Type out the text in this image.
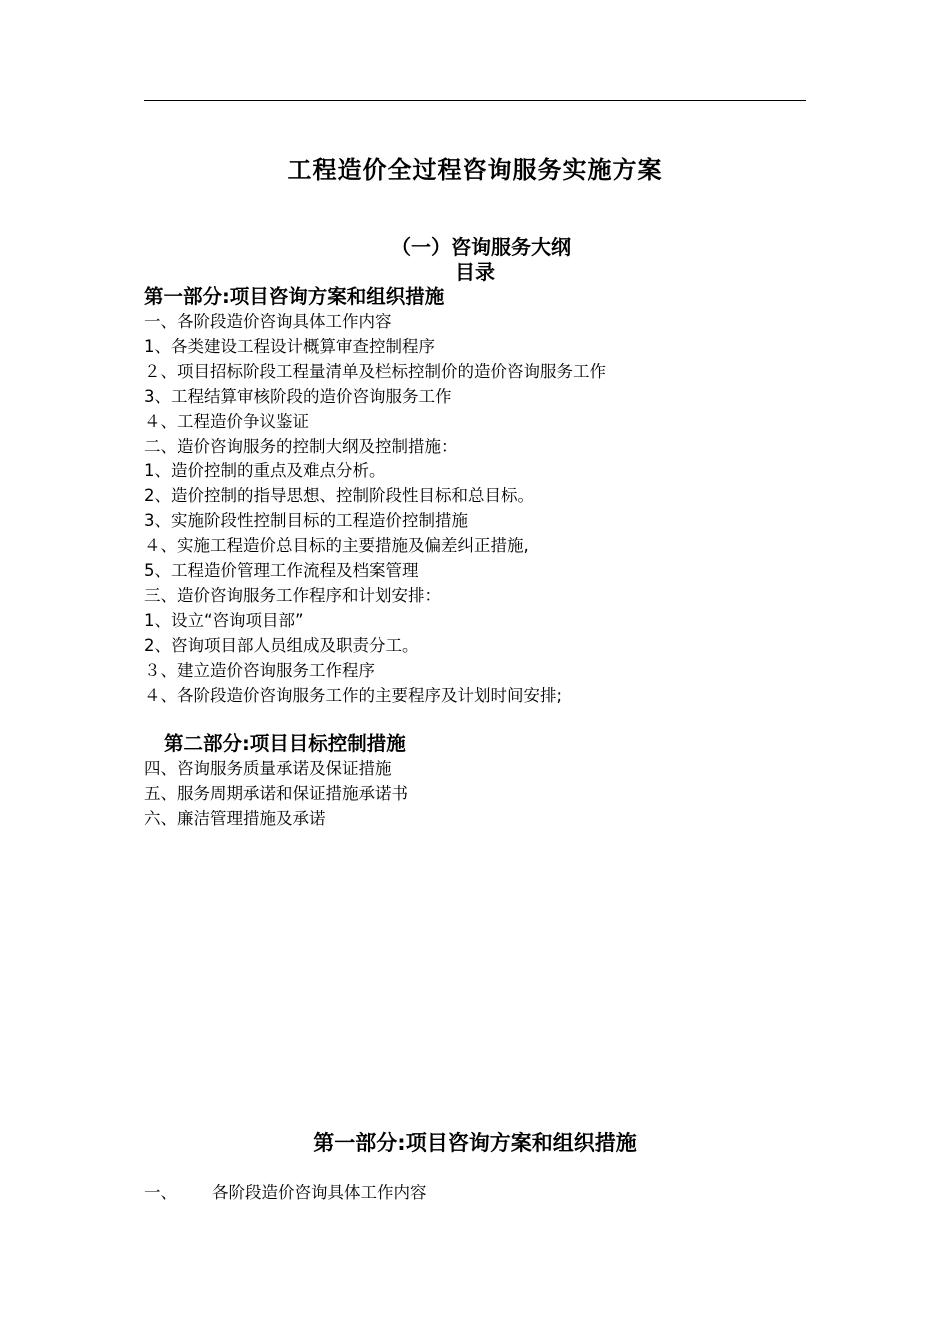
工程造价全过程咨询服务实施方案
（一）咨询服务大纲
目录
第一部分:项目咨询方案和组织措施
一、各阶段造价咨询具体工作内容
1、各类建设工程设计概算审查控制程序
２、项目招标阶段工程量清单及栏标控制价的造价咨询服务工作
3、工程结算审核阶段的造价咨询服务工作
４、工程造价争议鉴证
二、造价咨询服务的控制大纲及控制措施：
1、造价控制的重点及难点分析。
2、造价控制的指导思想、控制阶段性目标和总目标。
3、实施阶段性控制目标的工程造价控制措施
４、实施工程造价总目标的主要措施及偏差纠正措施,
5、工程造价管理工作流程及档案管理
三、造价咨询服务工作程序和计划安排：
1、设立“咨询项目部”
2、咨询项目部人员组成及职责分工。
３、建立造价咨询服务工作程序
４、各阶段造价咨询服务工作的主要程序及计划时间安排;
第二部分:项目目标控制措施
四、咨询服务质量承诺及保证措施
五、服务周期承诺和保证措施承诺书
六、廉洁管理措施及承诺
第一部分:项目咨询方案和组织措施
一、 各阶段造价咨询具体工作内容
